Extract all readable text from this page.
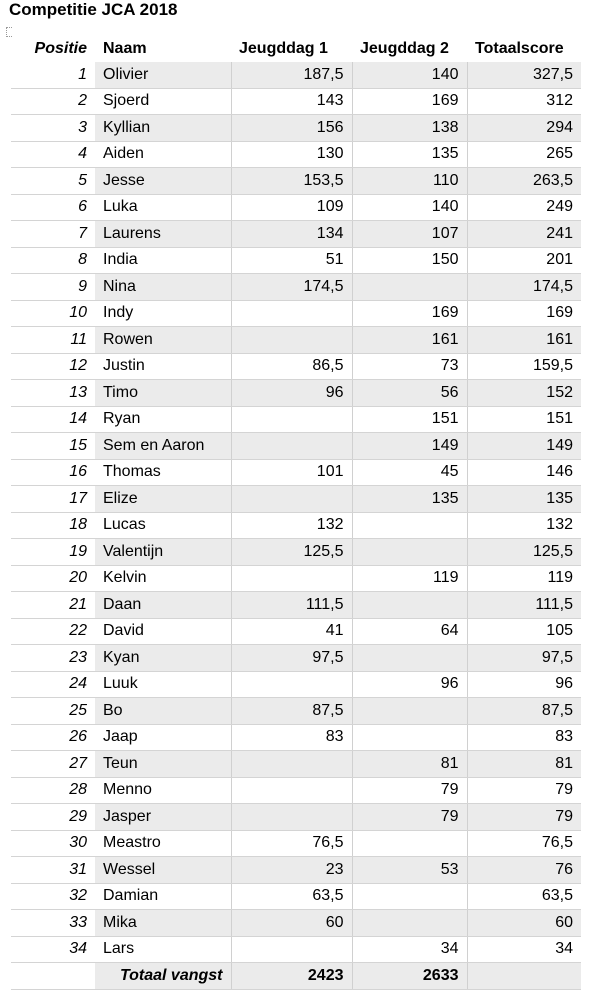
Competitie JCA 2018
Positie	Naam	Jeugddag 1	Jeugddag 2	Totaalscore
1	Olivier	187,5	140	327,5
2	Sjoerd	143	169	312
3	Kyllian	156	138	294
4	Aiden	130	135	265
5	Jesse	153,5	110	263,5
6	Luka	109	140	249
7	Laurens	134	107	241
8	India	51	150	201
9	Nina	174,5		174,5
10	Indy		169	169
11	Rowen		161	161
12	Justin	86,5	73	159,5
13	Timo	96	56	152
14	Ryan		151	151
15	Sem en Aaron		149	149
16	Thomas	101	45	146
17	Elize		135	135
18	Lucas	132		132
19	Valentijn	125,5		125,5
20	Kelvin		119	119
21	Daan	111,5		111,5
22	David	41	64	105
23	Kyan	97,5		97,5
24	Luuk		96	96
25	Bo	87,5		87,5
26	Jaap	83		83
27	Teun		81	81
28	Menno		79	79
29	Jasper		79	79
30	Meastro	76,5		76,5
31	Wessel	23	53	76
32	Damian	63,5		63,5
33	Mika	60		60
34	Lars		34	34
	Totaal vangst	2423	2633	
